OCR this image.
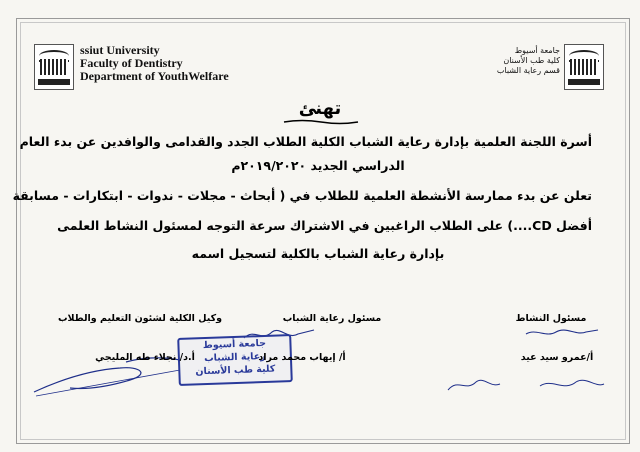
ssiut University
Faculty of Dentistry
Department of YouthWelfare
جامعة أسيوط
كلية طب الأسنان
قسم رعاية الشباب
تهنئ
أسرة اللجنة العلمية بإدارة رعاية الشباب الكلية الطلاب الجدد والقدامى والوافدين عن بدء العام
الدراسي الجديد ٢٠١٩/٢٠٢٠م
تعلن عن بدء ممارسة الأنشطة العلمية للطلاب في ( أبحاث - مجلات - ندوات - ابتكارات - مسابقة
أفضل CD....) على الطلاب الراغبين في الاشتراك سرعة التوجه لمسئول النشاط العلمى
بإدارة رعاية الشباب بالكلية لتسجيل اسمه
وكيل الكلية لشئون التعليم والطلاب	مسئول رعاية الشباب	مسئول النشاط
جامعة أسيوط
رعاية الشباب
كلية طب الأسنان
أ.د/ نجلاء طه المليجي	أ/ إيهاب محمد مراد	أ/عمرو سيد عيد
